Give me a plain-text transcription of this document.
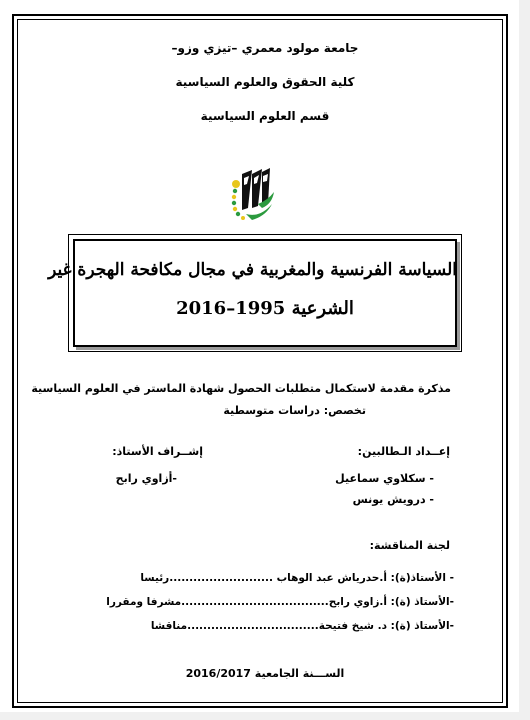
جامعة مولود معمري –تيزي وزو–
كلية الحقوق والعلوم السياسية
قسم العلوم السياسية
السياسة الفرنسية والمغربية في مجال مكافحة الهجرة غير
الشرعية 1995–2016
مذكرة مقدمة لاستكمال متطلبات الحصول شهادة الماستر في العلوم السياسية
تخصص: دراسات متوسطية
إعــداد الـطالبين:
إشــراف الأستاذ:
- سكلاوي سماعيل
-أزاوي رابح
- درويش يونس
لجنة المناقشة:
- الأستاذ(ة): أ.حدرياش عبد الوهاب ..........................رئيسا
-الأستاذ (ة): أ.زاوي رابح.....................................مشرفا ومقررا
-الأستاذ (ة): د. شيخ فتيحة.................................مناقشا
الســـنة الجامعية 2016/2017
